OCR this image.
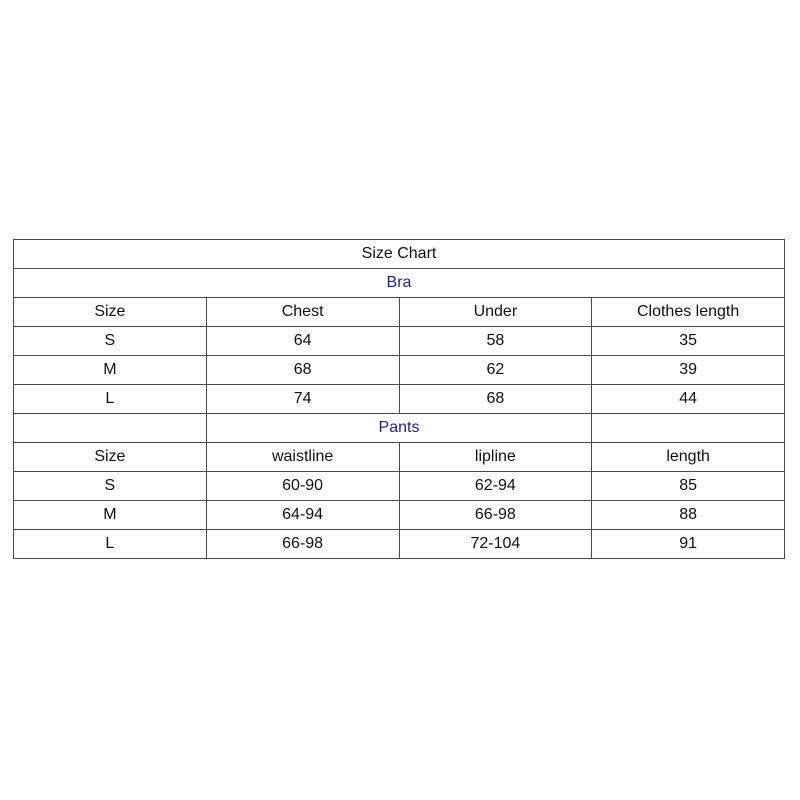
Size Chart			
Bra			
Size	Chest	Under	Clothes length
S	64	58	35
M	68	62	39
L	74	68	44
	Pants		
Size	waistline	lipline	length
S	60-90	62-94	85
M	64-94	66-98	88
L	66-98	72-104	91
